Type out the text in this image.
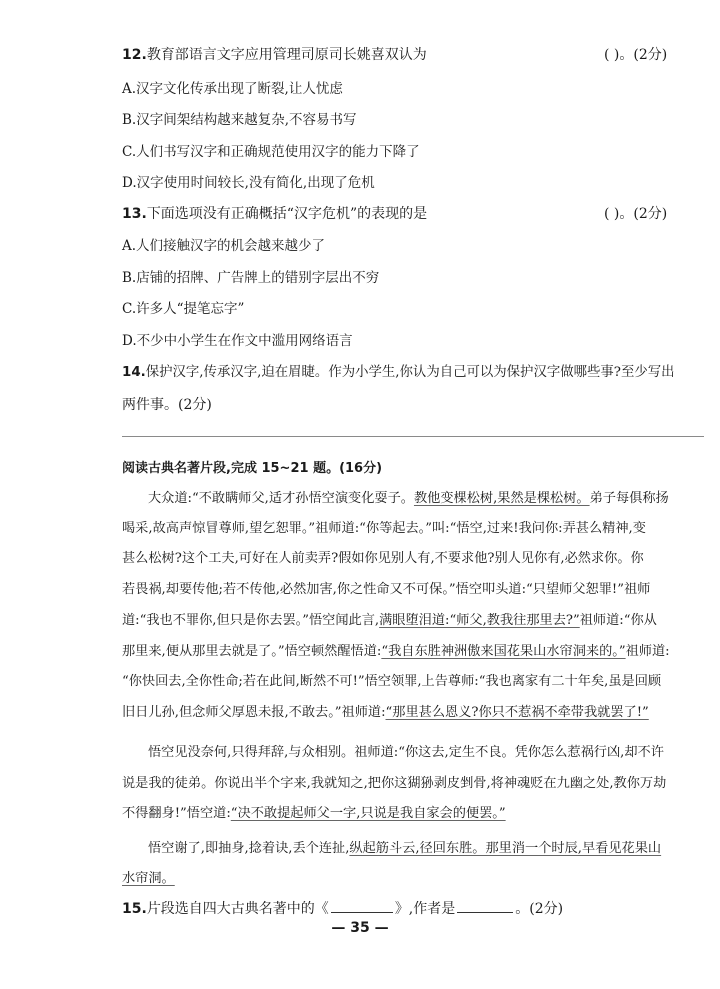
12.教育部语言文字应用管理司原司长姚喜双认为	( )。(2分)
A.汉字文化传承出现了断裂,让人忧虑
B.汉字间架结构越来越复杂,不容易书写
C.人们书写汉字和正确规范使用汉字的能力下降了
D.汉字使用时间较长,没有简化,出现了危机
13.下面选项没有正确概括“汉字危机”的表现的是	( )。(2分)
A.人们接触汉字的机会越来越少了
B.店铺的招牌、广告牌上的错别字层出不穷
C.许多人“提笔忘字”
D.不少中小学生在作文中滥用网络语言
14.保护汉字,传承汉字,迫在眉睫。作为小学生,你认为自己可以为保护汉字做哪些事?至少写出
两件事。(2分)
阅读古典名著片段,完成 15~21 题。(16分)
大众道:“不敢瞒师父,适才孙悟空演变化耍子。教他变棵松树,果然是棵松树。弟子每俱称扬
喝采,故高声惊冒尊师,望乞恕罪。”祖师道:“你等起去。”叫:“悟空,过来!我问你:弄甚么精神,变
甚么松树?这个工夫,可好在人前卖弄?假如你见别人有,不要求他?别人见你有,必然求你。你
若畏祸,却要传他;若不传他,必然加害,你之性命又不可保。”悟空叩头道:“只望师父恕罪!”祖师
道:“我也不罪你,但只是你去罢。”悟空闻此言,满眼堕泪道:“师父,教我往那里去?”祖师道:“你从
那里来,便从那里去就是了。”悟空顿然醒悟道:“我自东胜神洲傲来国花果山水帘洞来的。”祖师道:
“你快回去,全你性命;若在此间,断然不可!”悟空领罪,上告尊师:“我也离家有二十年矣,虽是回顾
旧日儿孙,但念师父厚恩未报,不敢去。”祖师道:“那里甚么恩义?你只不惹祸不牵带我就罢了!”
悟空见没奈何,只得拜辞,与众相别。祖师道:“你这去,定生不良。凭你怎么惹祸行凶,却不许
说是我的徒弟。你说出半个字来,我就知之,把你这猢狲剥皮剉骨,将神魂贬在九幽之处,教你万劫
不得翻身!”悟空道:“决不敢提起师父一字,只说是我自家会的便罢。”
悟空谢了,即抽身,捻着诀,丢个连扯,纵起筋斗云,径回东胜。那里消一个时辰,早看见花果山
水帘洞。
15.片段选自四大古典名著中的《	》,作者是	。(2分)
— 35 —
